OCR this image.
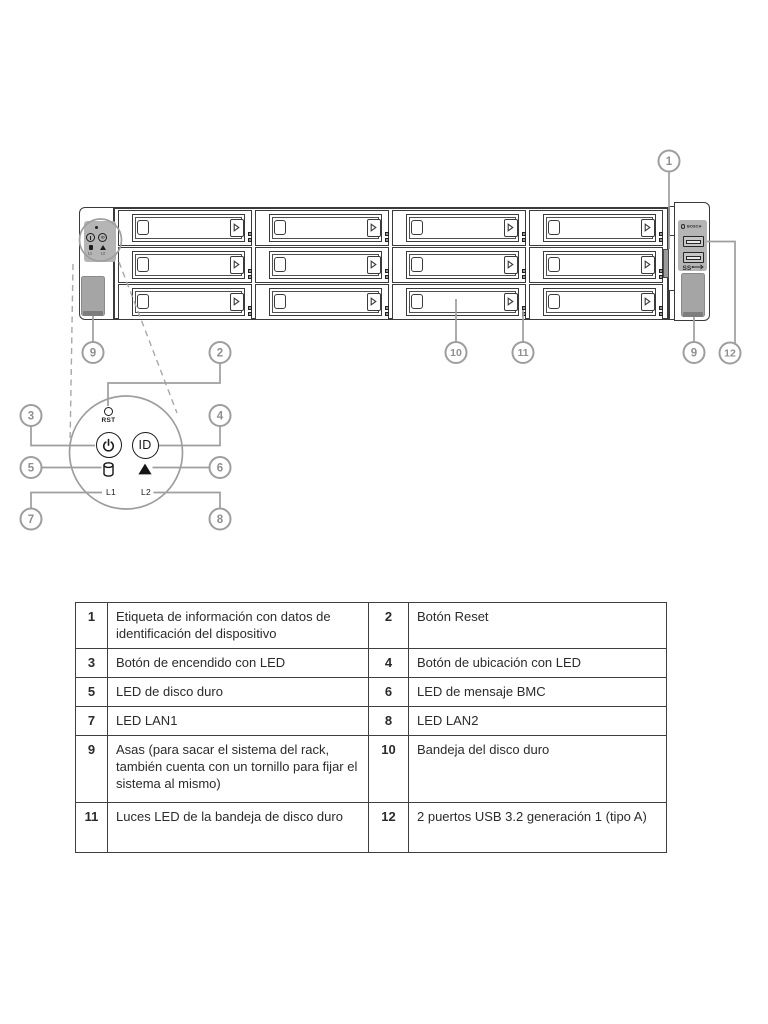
ID
L1 L2
BOSCH
SS
1
9	2	10	11	9	12
3	4
5	6
7	8
RST
ID
L1	L2
1	Etiqueta de información con datos de identificación del dispositivo	2	Botón Reset
3	Botón de encendido con LED	4	Botón de ubicación con LED
5	LED de disco duro	6	LED de mensaje BMC
7	LED LAN1	8	LED LAN2
9	Asas (para sacar el sistema del rack, también cuenta con un tornillo para fijar el sistema al mismo)	10	Bandeja del disco duro
11	Luces LED de la bandeja de disco duro	12	2 puertos USB 3.2 generación 1 (tipo A)
